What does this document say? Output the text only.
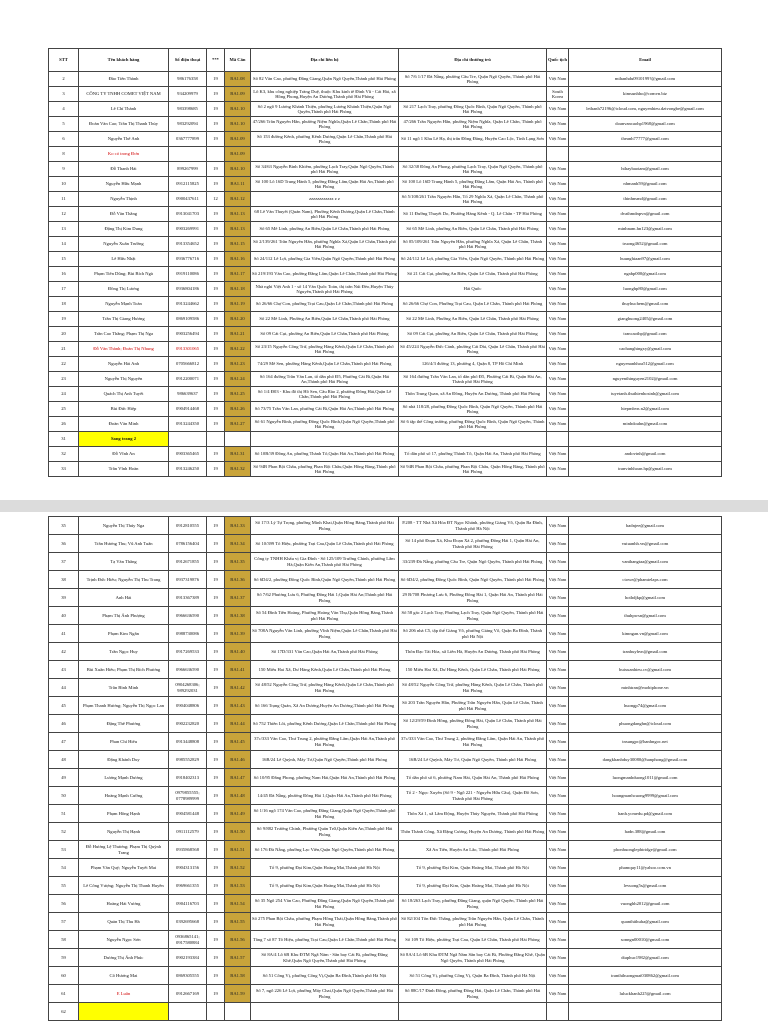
STT	Tên khách hàng	Số điện thoại	***	Mã Căn	Địa chỉ liên hệ	Địa chỉ thường trú	Quốc tịch	Email
2	Đào Tiến Thành	986176358	19	BA1.08	Số 82 Văn Cao, phường Đằng Giang,Quận Ngô Quyền,Thành phố Hải Phòng	Số 7/6 1/17 Đà Nẵng, phường Cầu Tre, Quận Ngô Quyền, Thành phố Hải Phòng	Việt Nam	mthanhdu0910199?@gmail.com
3	CÔNG TY TNHH COMET VIỆT NAM	934209979	19	BA1.09	Lô K3, khu công nghiệp Tràng Duệ, thuộc Khu kinh tế Đình Vũ - Cát Hải, xã Hồng Phong,Huyện An Dương,Thành phố Hải Phòng		South Korea	kimsunhho@comvn.biz
4	Lê Chí Thành	983398685	19	BA1.10	Số 2 ngõ 9 Lương Khánh Thiện, phường Lương Khánh Thiện,Quận Ngô Quyền,Thành phố Hải Phòng	Số 217 Lạch Tray, phường Đồng Quốc Bình, Quận Ngô Quyền, Thành phố Hải Phòng	Việt Nam	lethanh72196@icloud.com, nguyenhieu.dztvongbe@gmail.com
5	Đoàn Văn Cao; Trần Thị Thanh Thủy	983292094	19	BA1.10	47/266 Trần Nguyên Hãn, phường Niệm Nghĩa,Quận Lê Chân,Thành phố Hải Phòng	47/266 Trần Nguyên Hãn, phường Niệm Nghĩa, Quận Lê Chân, Thành phố Hải Phòng	Việt Nam	doanvancaohp1968@gmail.com
6	Nguyễn Thế Anh	0367777899	19	BA1.09	Số 153 đường Kênh, phường Kênh Dương,Quận Lê Chân,Thành phố Hải Phòng	Số 11 ngõ 1 Khu Lê Hạ, thị trấn Đồng Đăng, Huyện Cao Lộc, Tỉnh Lạng Sơn	Việt Nam	theanh77777@gmail.com
8	Ko có trong Đơn			BA1.09				
9	Đỗ Thanh Hải	899267999	19	BA1.10	Số 34/63 Nguyễn Bỉnh Khiêm, phường Lạch Tray,Quận Ngô Quyền,Thành phố Hải Phòng	Số 32/38 Đông An Phong, phường Lạch Tray, Quận Ngô Quyền, Thành phố Hải Phòng	Việt Nam	hthaybaotam@gmail.com
10	Nguyễn Hữu Mạnh	0912115825	19	BA1.11	Số 100 Lô 16D Trung Hành 5, phường Đằng Lâm,Quận Hải An,Thành phố Hải Phòng	Số 100 Lô 16D Trung Hành 5, phường Đằng Lâm, Quận Hải An, Thành phố Hải Phòng	Việt Nam	nhmanh59@gmail.com
11	Nguyễn Thịnh	0900437611	12	BA1.12	zzzzzzzzzzzz z z	Số 5/108/261 Trần Nguyên Hãn, Tổ 29 Nghĩa Xá, Quận Lê Chân, Thành phố Hải Phòng	Việt Nam	thinhnsmd@gmail.com
12	Đỗ Văn Thắng	0913041703	19	BA1.13	68 Lê Văn Thuyết (Quán Nam), Phường Kênh Dương,Quận Lê Chân,Thành phố Hải Phòng	Số 11 Đường Thuyết Do, Phường Hàng Kênh - Q. Lê Chân - TP Hải Phòng	Việt Nam	dvathmdnpvn@gmail.com
13	Đặng Thị Kim Dung	0903269991	19	BA1.13	Số 65 Mê Linh, phường An Biên,Quận Lê Chân,Thành phố Hải Phòng	Số 65 Mê Linh, phường An Biên, Quận Lê Chân, Thành phố Hải Phòng	Việt Nam	minhnam.hn123@gmail.com
14	Nguyễn Xuân Trường	0913354652	19	BA1.15	Số 2/139/261 Trần Nguyên Hãn, phường Nghĩa Xá,Quận Lê Chân,Thành phố Hải Phòng	Số 05/109/261 Trần Nguyên Hãn, phường Nghĩa Xá, Quận Lê Chân, Thành phố Hải Phòng	Việt Nam	truong4652@gmail.com
15	Lê Hữu Nhật	0936776716	19	BA1.16	Số 24/112 Lê Lợi, phường Gia Viên,Quận Ngô Quyền,Thành phố Hải Phòng	Số 24/112 Lê Lợi, phường Gia Viên, Quận Ngô Quyền, Thành phố Hải Phòng	Việt Nam	huunghiaan97@gmail.com
16	Phạm Tiến Dũng; Bùi Bích Ngà	0919110086	19	BA1.17	Số 219/193 Văn Cao, phường Đằng Lâm,Quận Lê Chân,Thành phố Hải Phòng	Số 21 Cát Cụt, phường An Biên, Quận Lê Chân, Thành phố Hải Phòng	Việt Nam	ngabp000@gmail.com
17	Đồng Thị Lương	0936804186	19	BA1.18	Nhà nghỉ Việt Anh 1 - số 14 Văn Quốc Toản, thị trấn Núi Đèo,Huyện Thủy Nguyên,Thành phố Hải Phòng	Hải Quốc	Việt Nam	luonghp80@gmail.com
18	Nguyễn Mạnh Toàn	0913244662	19	BA1.19	Số 26/66 Chợ Con, phường Trại Cau,Quận Lê Chân,Thành phố Hải Phòng	Số 26/66 Chợ Con, Phường Trại Cau, Quận Lê Chân, Thành phố Hải Phòng	Việt Nam	thuyhuchem@gmail.com
19	Trần Thị Giang Hương	0869109586	19	BA1.20	Số 22 Mê Linh, Phường An Biên,Quận Lê Chân,Thành phố Hải Phòng	Số 22 Mê Linh, Phường An Biên, Quận Lê Chân, Thành phố Hải Phòng	Việt Nam	gianghuong2405@gmail.com
20	Trần Cao Thắng; Phạm Thị Nga	0903256494	19	BA1.21	Số 09 Cát Cụt, phường An Biên,Quận Lê Chân,Thành phố Hải Phòng	Số 09 Cát Cụt, phường An Biên, Quận Lê Chân, Thành phố Hải Phòng	Việt Nam	trancaothp@gmail.com
21	Đỗ Văn Thành; Đoàn Thị Nhung	0913301065	19	BA1.22	Số 23/15 Nguyễn Công Trứ, phường Hàng Kênh,Quận Lê Chân,Thành phố Hải Phòng	Số 45/224 Nguyễn Đức Cảnh, phường Cát Dài, Quận Lê Chân, Thành phố Hải Phòng	Việt Nam	caohanghtngxy@gmail.com
22	Nguyễn Hải Anh	0705666812	19	BA1.23	74/29 Mê Sen, phường Hàng Kênh,Quận Lê Chân,Thành phố Hải Phòng	126/4/3 đường 13, phường 4, Quận 8, TP Hồ Chí Minh	Việt Nam	nguyenanhhoa512@gmail.com
23	Nguyễn Thị Nguyên	0912200071	19	BA1.24	Số 164 đường Trần Văn Lan, tổ dân phố Đ5, Phường Cát Bi,Quận Hải An,Thành phố Hải Phòng	Số 164 đường Trần Văn Lan, tổ dân phố Đ5, Phường Cát Bi, Quận Hải An, Thành phố Hải Phòng	Việt Nam	nguyenthinguyen2102@gmail.com
24	Quách Thị Anh Tuyết	986639637	19	BA1.25	Số 1/4 Đ03 - Khu đô thị Hồ Sen, Cầu Rào 2, phường Đông Hải,Quận Lê Chân,Thành phố Hải Phòng	Thôn Trung Quan, xã An Đồng, Huyện An Dương, Thành phố Hải Phòng	Việt Nam	tuyetanh.thuthienhosinh@gmail.com
25	Bùi Đức Hiệp	0904914468	19	BA1.26	Số 73/75 Trần Văn Lan, phường Cát Bi,Quận Hải An,Thành phố Hải Phòng	Số nhà 118/28, phường Đồng Quốc Bình, Quận Ngô Quyền, Thành phố Hải Phòng	Việt Nam	hiepmbvn.n2@gmail.com
26	Đoàn Văn Minh	0913244350	19	BA1.27	Số 61 Nguyễn Bình, phường Đồng Quốc Bình,Quận Ngô Quyền,Thành phố Hải Phòng	Số 6 tập thể Công trường, phường Đông Quốc Bình, Quận Ngô Quyền, Thành phố Hải Phòng	Việt Nam	minhdoahn@gmail.com
31	Sang trang 2							
32	Đỗ Vĩnh An	0903365465	19	BA1.31	Số 10B/39 Đồng An, phường Thành Tô,Quận Hải An,Thành phố Hải Phòng	Tổ dân phố số 17, phường Thành Tô, Quận Hải An, Thành phố Hải Phòng	Việt Nam	andovinh@gmail.com
33	Trần Vĩnh Hoàn	0913246250	19	BA1.32	Số 94B Phan Bội Châu, phường Phan Bội Châu,Quận Hồng Bàng,Thành phố Hải Phòng	Số 94B Phan Bội Châu, phường Phan Bội Châu, Quận Hồng Bàng, Thành phố Hải Phòng	Việt Nam	tranvinhhoan.hp@gmail.com
35	Nguyễn Thị Thúy Nga	0912810555	19	BA1.33	Số 17/3 Lý Tự Trọng, phường Minh Khai,Quận Hồng Bàng,Thành phố Hải Phòng	P.208 - TT Nhà Xã Hòa ĐT Ngọc Khánh, phường Giảng Võ, Quận Ba Đình, Thành phố Hà Nội	Việt Nam	badnjee@gmail.com
36	Trần Hương Thu; Vũ Anh Tuấn	0786156404	19	BA1.34	Số 10/399 Tô Hiệu, phường Trại Cau,Quận Lê Chân,Thành phố Hải Phòng	Số 14 phố Đoạn Xá, Khu Đoạn Xá 2, phường Đông Hải 1, Quận Hải An, Thành phố Hải Phòng	Việt Nam	vutuanhh.vn@gmail.com
37	Tạ Văn Thắng	0912671855	19	BA1.35	Công ty TNHH Khẩu vị Gia Đình - Số 125/109 Trường Chinh, phường Lãm Hà,Quận Kiến An,Thành phố Hải Phòng	33/239 Đà Nẵng, phường Cầu Tre, Quận Ngô Quyền, Thành phố Hải Phòng	Việt Nam	vanthangtaa@gmail.com
38	Trịnh Đức Hiếu; Nguyễn Thị Thu Trang	0937319876	19	BA1.36	Số 6D4/2, phường Đồng Quốc Bình,Quận Ngô Quyền,Thành phố Hải Phòng	Số 6D4/2, phường Đồng Quốc Bình, Quận Ngô Quyền, Thành phố Hải Phòng	Việt Nam	ctowe@phamtelaps.com
39	Anh Hải	0913367389	19	BA1.37	Số 7/62 Phương Lưu 6, Phường Đông Hải 1;Quận Hải An;Thành phố Hải Phòng	29 B/708 Phương Lưu 6, Phường Đông Hải 1, Quận Hải An, Thành phố Hải Phòng	Việt Nam	hothdjkp@gmail.com
40	Phạm Thị Ánh Phượng	0966636590	19	BA1.38	Số 54 Đình Tiền Hoàng, Phường Hoàng Văn Thụ,Quận Hồng Bàng,Thành phố Hải Phòng	Số 58 gác 2 Lạch Tray, Phường Lạch Tray, Quận Ngô Quyền, Thành phố Hải Phòng	Việt Nam	thuhpwsn@gmail.com
41	Phạm Kim Ngân	0988730086	19	BA1.39	Số 708A Nguyễn Văn Linh, phường Vĩnh Niệm,Quận Lê Chân,Thành phố Hải Phòng	Số 206 nhà C5, tập thể Giảng Võ, phường Giảng Võ, Quận Ba Đình, Thành phố Hà Nội	Việt Nam	kimngan.vn@gmail.com
42	Trần Ngọc Huy	0917269533	19	BA1.40	Số 17D/331 Văn Cao,Quận Hải An,Thành phố Hải Phòng	Thôn Đạc Tài Hòa, xã Liên Hà, Huyện An Dương, Thành phố Hải Phòng	Việt Nam	tranhuyhvn@gmail.com
43	Bùi Xuân Hiếu; Phạm Thị Bích Phương	0966636590	19	BA1.41	150 Miếu Hai Xã, Dư Hàng Kênh,Quận Lê Chân,Thành phố Hải Phòng	150 Miếu Hai Xã, Dư Hàng Kênh, Quận Lê Chân, Thành phố Hải Phòng	Việt Nam	buixuanhieu.cv@gmail.com
44	Trần Bình Minh	0904268306; 989292031	19	BA1.42	Số 48/52 Nguyễn Công Trứ, phường Hàng Kênh,Quận Lê Chân,Thành phố Hải Phòng	Số 48/52 Nguyễn Công Trứ, phường Hàng Kênh, Quận Lê Chân, Thành phố Hải Phòng	Việt Nam	minhtran@mobiphone.vn
45	Phạm Thanh Hương; Nguyễn Thị Ngọc Lan	0904048806	19	BA1.43	Số 166 Trạng Quán, Xã An Dương,Huyện An Dương,Thành phố Hải Phòng	Số 203 Trần Nguyên Hãn, Phường Trần Nguyên Hãn, Quận Lê Chân, Thành phố Hải Phòng	Việt Nam	huongp74@gmail.com
46	Đặng Thế Phương	0902232820	19	BA1.44	Số 752 Thiên Lôi, phường Kênh Dương,Quận Lê Chân,Thành phố Hải Phòng	Số 12/29/59 Đinh Hồng, phường Đông Hải, Quận Lê Chân, Thành phố Hải Phòng	Việt Nam	phuongdanghn@icloud.com
47	Phan Chí Hiếu	0913448808	19	BA1.45	37c/333 Văn Cao, Thư Trung 2, phường Đằng Lâm,Quận Hải An,Thành phố Hải Phòng	37c/333 Văn Cao, Thư Trung 2, phường Đằng Lâm, Quận Hải An, Thành phố Hải Phòng	Việt Nam	tnsungpc@hanhngoc.net
48	Đặng Khánh Duy	0985552829	19	BA1.46	16B/24 Lê Quýnh, Máy Tơ,Quận Ngô Quyền,Thành phố Hải Phòng	16B/24 Lê Quýnh, Máy Tơ, Quận Ngô Quyền, Thành phố Hải Phòng	Việt Nam	dangkhanhduy30080@hanphong@gmail.com
49	Lương Mạnh Dương	0918402313	19	BA1.47	Số 10/95 Đằng Phong, phường Nam Hải,Quận Hải An,Thành phố Hải Phòng	Tổ dân phố số 6, phường Nam Hải, Quận Hải An, Thành phố Hải Phòng	Việt Nam	luongmanhduong1011@gmail.com
50	Hoàng Mạnh Cường	0979855555; 0778989999	19	BA1.48	14/45 Đà Nẵng, phường Đông Hải 1,Quận Hải An,Thành phố Hải Phòng	Tổ 2 - Ngọc Xuyên (Số 9 - Ngõ 221 - Nguyễn Hữu Cầu), Quận Đồ Sơn, Thành phố Hải Phòng	Việt Nam	hoangmanhcuong9999@gmail.com
51	Phạm Hồng Hạnh	0904581448	19	BA1.49	Số 1/16 ngõ 174 Văn Cao, phường Đằng Giang,Quận Ngô Quyền,Thành phố Hải Phòng	Thôn Xá 1, xã Lâm Động, Huyện Thủy Nguyên, Thành phố Hải Phòng	Việt Nam	hanh.ycmedu.pd@gmail.com
52	Nguyễn Thị Hạnh	0911112579	19	BA1.50	Số 9/882 Trường Chinh, Phường Quán Trữ,Quận Kiến An,Thành phố Hải Phòng	Thôn Thành Công, Xã Đặng Cương, Huyện An Dương, Thành phố Hải Phòng	Việt Nam	hadn.388@gmail.com
53	Đỗ Hương Lệ Thương; Phạm Thị Quỳnh Trang	0935868568	19	BA1.51	Số 176 Đà Nẵng, phường Lạc Viên,Quận Ngô Quyền,Thành phố Hải Phòng	Xã An Tiến, Huyện An Lão, Thành phố Hải Phòng	Việt Nam	phonhuonglephtridge@gmail.com
54	Phạm Văn Quý; Nguyễn Tuyết Mai	0904313156	19	BA1.52	Tổ 9, phường Đại Kim,Quận Hoàng Mai,Thành phố Hà Nội	Tổ 9, phường Đại Kim, Quận Hoàng Mai, Thành phố Hà Nội	Việt Nam	phamquy11@yahoo.com.vn
55	Lê Công Vượng; Nguyễn Thị Thanh Huyền	0969661355	19	BA1.53	Tổ 9, phường Đại Kim,Quận Hoàng Mai,Thành phố Hà Nội	Tổ 9, phường Đại Kim, Quận Hoàng Mai, Thành phố Hà Nội	Việt Nam	levuong5s@gmail.com
56	Hoàng Hải Vương	0904116703	19	BA1.54	Số 35 Ngõ 254 Văn Cao, Phường Đằng Giang,Quận Ngô Quyền,Thành phố Hải Phòng	Số 18/263 Lạch Tray, phường Đằng Giang, quận Ngô Quyền, Thành phố Hải Phòng	Việt Nam	vuonghh2012@gmail.com
57	Quản Thị Thu Hà	0392695668	19	BA1.55	Số 275 Phan Bội Châu, phường Phạm Hồng Thái,Quận Hồng Bàng,Thành phố Hải Phòng	Số 82/104 Tôn Đức Thắng, phường Trần Nguyên Hãn, Quận Lê Chân, Thành phố Hải Phòng	Việt Nam	quanthithuha@gmail.com
58	Nguyễn Ngọc Sơn	0936865141; 0917580884	19	BA1.56	Tầng 7 số 87 Tô Hiệu, phường Trại Cau,Quận Lê Chân,Thành phố Hải Phòng	Số 109 Tô Hiệu, phường Trại Cau, Quận Lê Chân, Thành phố Hải Phòng	Việt Nam	sonngn00010@gmail.com
59	Dương Thị Ánh Phúc	0902193384	19	BA1.57	Số 8A/4 Lô 6B Khu ĐTM Ngã Năm - Sân bay Cát Bi, phường Đằng Khê,Quận Ngô Quyền,Thành phố Hải Phòng	Số 8A/4 Lô 6B Khu ĐTM Ngã Năm Sân bay Cát Bi, Phường Đằng Khê, Quận Ngô Quyền, Thành phố Hải Phòng	Việt Nam	dtaphuc1982@gmail.com
60	Cô Hương Mai	0869305555	19	BA1.58	Số 51 Công Vị, phường Cống Vị,Quận Ba Đình,Thành phố Hà Nội	Số 51 Công Vị, phường Cống Vị, Quận Ba Đình, Thành phố Hà Nội	Việt Nam	tranthihuongmai030862@gmail.com
61	E Luân	0912667169	19	BA1.59	Số 7, ngõ 226 Lê Lợi, phường Máy Chai,Quận Ngô Quyền,Thành phố Hải Phòng	Số 88C/17 Đinh Đông, phường Đông Hải, Quận Lê Chân, Thành phố Hải Phòng	Việt Nam	luluckhanh225@gmail.com
62								
